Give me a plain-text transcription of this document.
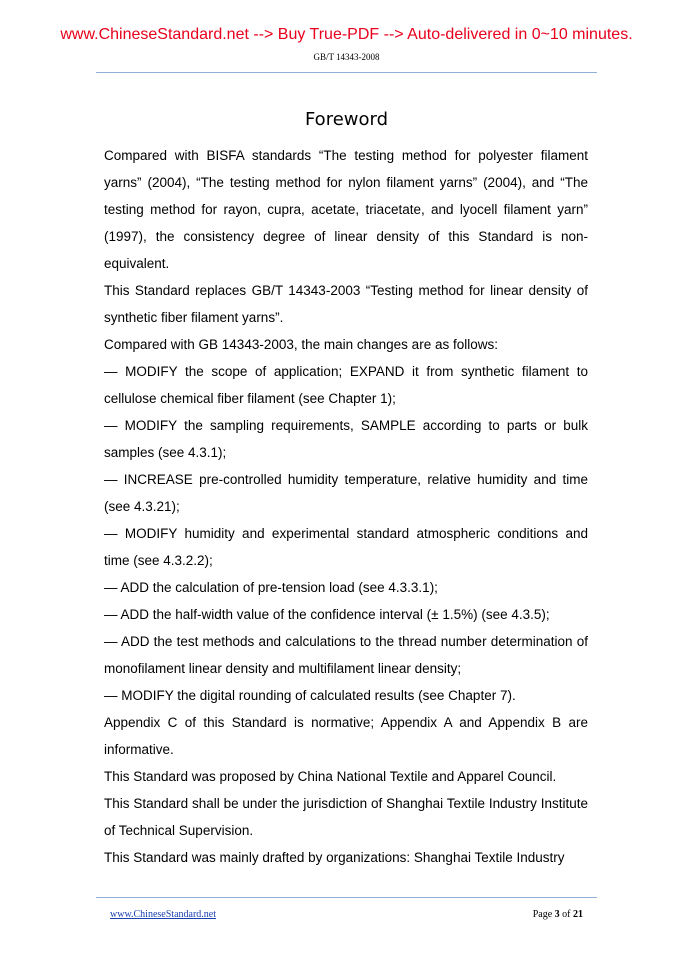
www.ChineseStandard.net --> Buy True-PDF --> Auto-delivered in 0~10 minutes.
GB/T 14343-2008
Foreword

Compared with BISFA standards “The testing method for polyester filament yarns” (2004), “The testing method for nylon filament yarns” (2004), and “The testing method for rayon, cupra, acetate, triacetate, and lyocell filament yarn” (1997), the consistency degree of linear density of this Standard is non-equivalent.

This Standard replaces GB/T 14343-2003 “Testing method for linear density of synthetic fiber filament yarns”.

Compared with GB 14343-2003, the main changes are as follows:

— MODIFY the scope of application; EXPAND it from synthetic filament to cellulose chemical fiber filament (see Chapter 1);

— MODIFY the sampling requirements, SAMPLE according to parts or bulk samples (see 4.3.1);

— INCREASE pre-controlled humidity temperature, relative humidity and time (see 4.3.21);

— MODIFY humidity and experimental standard atmospheric conditions and time (see 4.3.2.2);

— ADD the calculation of pre-tension load (see 4.3.3.1);

— ADD the half-width value of the confidence interval (± 1.5%) (see 4.3.5);

— ADD the test methods and calculations to the thread number determination of monofilament linear density and multifilament linear density;

— MODIFY the digital rounding of calculated results (see Chapter 7).

Appendix C of this Standard is normative; Appendix A and Appendix B are informative.

This Standard was proposed by China National Textile and Apparel Council.

This Standard shall be under the jurisdiction of Shanghai Textile Industry Institute of Technical Supervision.

This Standard was mainly drafted by organizations: Shanghai Textile Industry

www.ChineseStandard.net	Page 3 of 21
